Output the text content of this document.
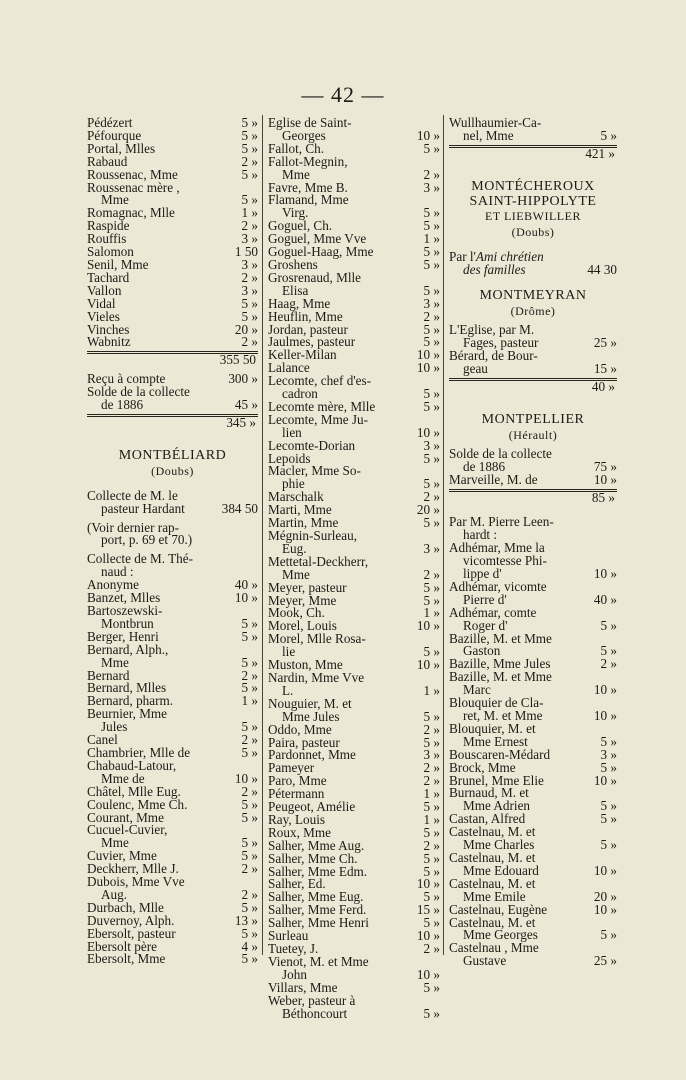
— 42 —
Pédézert	5 »
Péfourque	5 »
Portal, Mlles	5 »
Rabaud	2 »
Roussenac, Mme	5 »
Roussenac mère ,
Mme	5 »
Romagnac, Mlle	1 »
Raspide	2 »
Rouffis	3 »
Salomon	1 50
Senil, Mme	3 »
Tachard	2 »
Vallon	3 »
Vidal	5 »
Vieles	5 »
Vinches	20 »
Wabnitz	2 »
355 50
Reçu à compte	300 »
Solde de la collecte
de 1886	45 »
345 »
MONTBÉLIARD
(Doubs)
Collecte de M. le
pasteur Hardant	384 50
(Voir dernier rap-
port, p. 69 et 70.)
Collecte de M. Thé-
naud :
Anonyme	40 »
Banzet, Mlles	10 »
Bartoszewski-
Montbrun	5 »
Berger, Henri	5 »
Bernard, Alph.,
Mme	5 »
Bernard	2 »
Bernard, Mlles	5 »
Bernard, pharm.	1 »
Beurnier, Mme
Jules	5 »
Canel	2 »
Chambrier, Mlle de	5 »
Chabaud-Latour,
Mme de	10 »
Châtel, Mlle Eug.	2 »
Coulenc, Mme Ch.	5 »
Courant, Mme	5 »
Cucuel-Cuvier,
Mme	5 »
Cuvier, Mme	5 »
Deckherr, Mlle J.	2 »
Dubois, Mme Vve
Aug.	2 »
Durbach, Mlle	5 »
Duvernoy, Alph.	13 »
Ebersolt, pasteur	5 »
Ebersolt père	4 »
Ebersolt, Mme	5 »
Eglise de Saint-
Georges	10 »
Fallot, Ch.	5 »
Fallot-Megnin,
Mme	2 »
Favre, Mme B.	3 »
Flamand, Mme
Virg.	5 »
Goguel, Ch.	5 »
Goguel, Mme Vve	1 »
Goguel-Haag, Mme	5 »
Groshens	5 »
Grosrenaud, Mlle
Elisa	5 »
Haag, Mme	3 »
Heuflin, Mme	2 »
Jordan, pasteur	5 »
Jaulmes, pasteur	5 »
Keller-Milan	10 »
Lalance	10 »
Lecomte, chef d'es-
cadron	5 »
Lecomte mère, Mlle	5 »
Lecomte, Mme Ju-
lien	10 »
Lecomte-Dorian	3 »
Lepoids	5 »
Macler, Mme So-
phie	5 »
Marschalk	2 »
Marti, Mme	20 »
Martin, Mme	5 »
Mégnin-Surleau,
Eug.	3 »
Mettetal-Deckherr,
Mme	2 »
Meyer, pasteur	5 »
Meyer, Mme	5 »
Mook, Ch.	1 »
Morel, Louis	10 »
Morel, Mlle Rosa-
lie	5 »
Muston, Mme	10 »
Nardin, Mme Vve
L.	1 »
Nouguier, M. et
Mme Jules	5 »
Oddo, Mme	2 »
Paira, pasteur	5 »
Pardonnet, Mme	3 »
Pameyer	2 »
Paro, Mme	2 »
Pétermann	1 »
Peugeot, Amélie	5 »
Ray, Louis	1 »
Roux, Mme	5 »
Salher, Mme Aug.	2 »
Salher, Mme Ch.	5 »
Salher, Mme Edm.	5 »
Salher, Ed.	10 »
Salher, Mme Eug.	5 »
Salher, Mme Ferd.	15 »
Salher, Mme Henri	5 »
Surleau	10 »
Tuetey, J.	2 »
Vienot, M. et Mme
John	10 »
Villars, Mme	5 »
Weber, pasteur à
Béthoncourt	5 »
Wullhaumier-Ca-
nel, Mme	5 »
421 »
MONTÉCHEROUX
SAINT-HIPPOLYTE
ET LIEBWILLER
(Doubs)
Par l'Ami chrétien
des familles	44 30
MONTMEYRAN
(Drôme)
L'Eglise, par M.
Fages, pasteur	25 »
Bérard, de Bour-
geau	15 »
40 »
MONTPELLIER
(Hérault)
Solde de la collecte
de 1886	75 »
Marveille, M. de	10 »
85 »
Par M. Pierre Leen-
hardt :
Adhémar, Mme la
vicomtesse Phi-
lippe d'	10 »
Adhémar, vicomte
Pierre d'	40 »
Adhémar, comte
Roger d'	5 »
Bazille, M. et Mme
Gaston	5 »
Bazille, Mme Jules	2 »
Bazille, M. et Mme
Marc	10 »
Blouquier de Cla-
ret, M. et Mme	10 »
Blouquier, M. et
Mme Ernest	5 »
Bouscaren-Médard	3 »
Brock, Mme	5 »
Brunel, Mme Elie	10 »
Burnaud, M. et
Mme Adrien	5 »
Castan, Alfred	5 »
Castelnau, M. et
Mme Charles	5 »
Castelnau, M. et
Mme Edouard	10 »
Castelnau, M. et
Mme Emile	20 »
Castelnau, Eugène	10 »
Castelnau, M. et
Mme Georges	5 »
Castelnau , Mme
Gustave	25 »
